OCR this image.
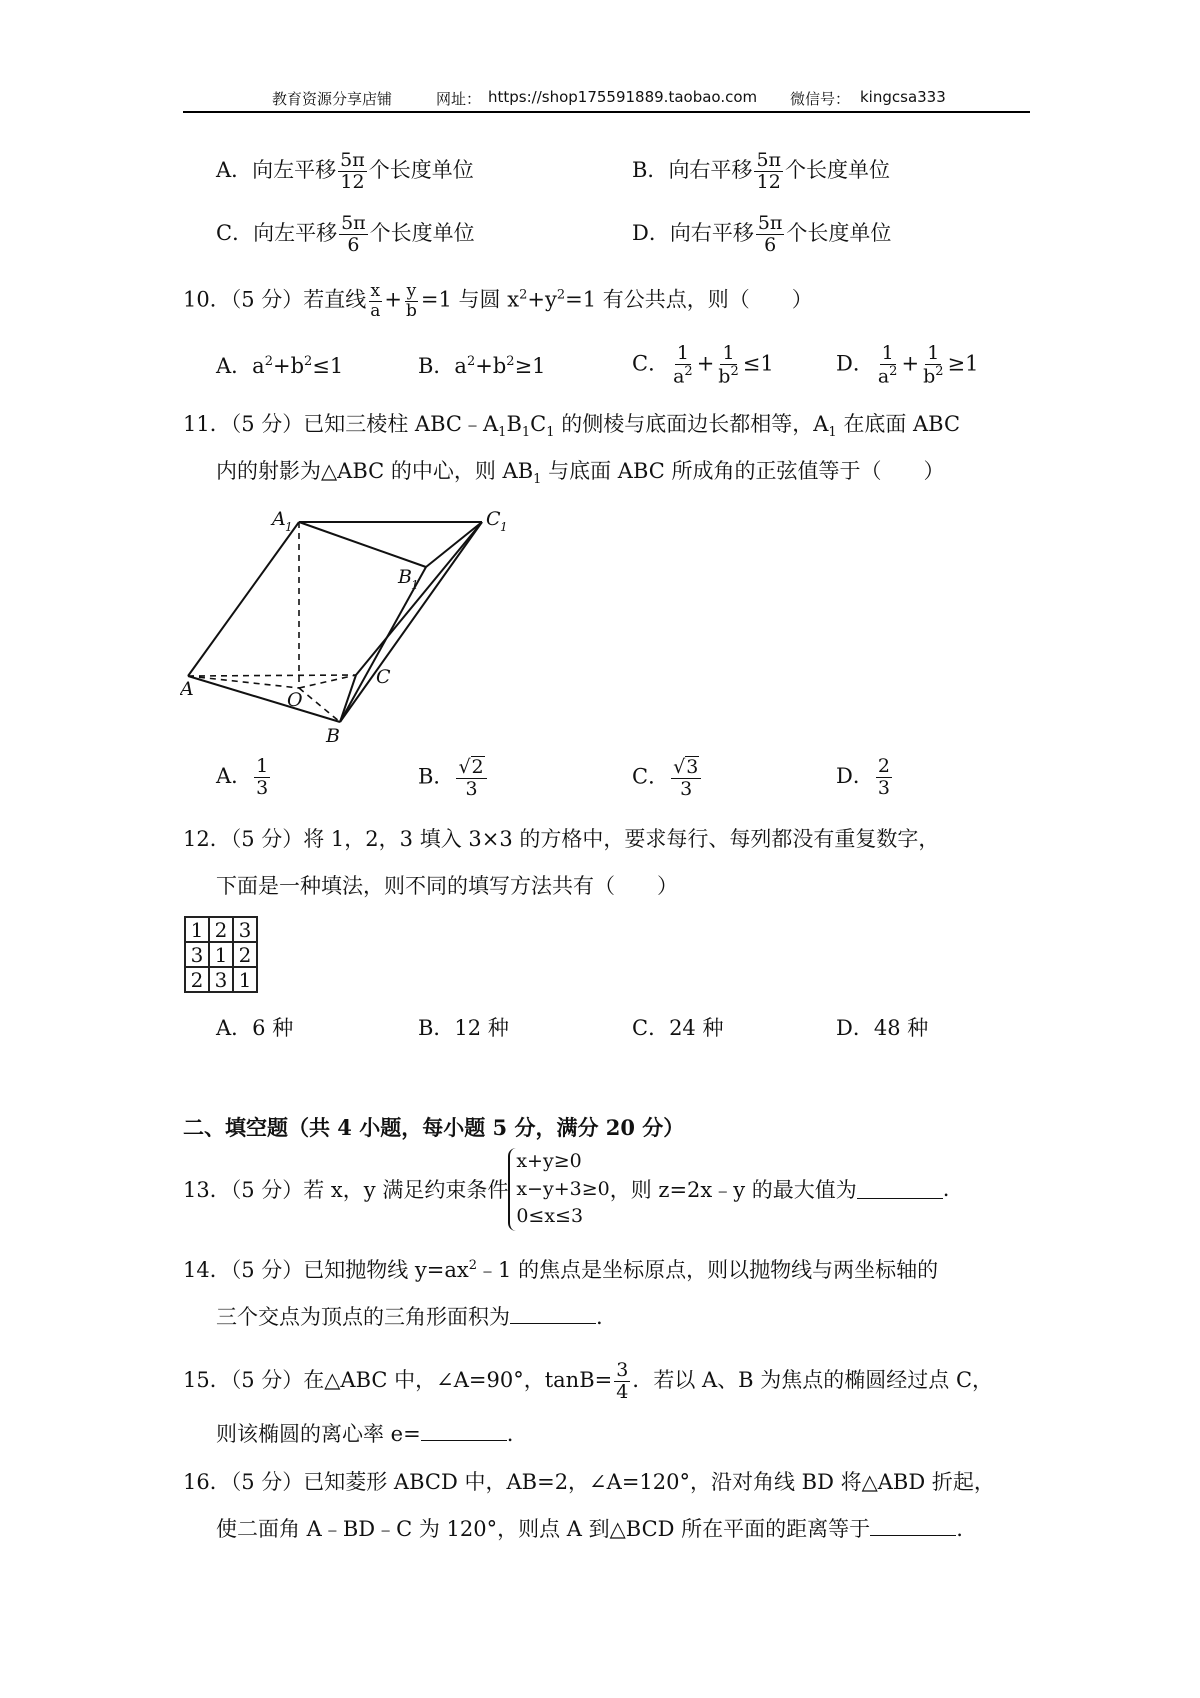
教育资源分享店铺	网址： https://shop175591889.taobao.com 微信号： kingcsa333
A．向左平移 $\frac{5\pi}{12}$ 个长度单位	B．向右平移 $\frac{5\pi}{12}$ 个长度单位
C．向左平移 $\frac{5\pi}{6}$ 个长度单位	D．向右平移 $\frac{5\pi}{6}$ 个长度单位
10．（5 分）若直线 $\frac{x}{a} + \frac{y}{b} =1$ 与圆 $x^2+y^2=1$ 有公共点，则（　　）
A．$a^2+b^2\le 1$	B．$a^2+b^2\ge 1$	C． $\frac{1}{a^2} + \frac{1}{b^2} \le 1$	D． $\frac{1}{a^2} + \frac{1}{b^2} \ge 1$
11．（5 分）已知三棱柱 $ABC﹣A_1B_1C_1$ 的侧棱与底面边长都相等，$A_1$ 在底面 ABC
内的射影为△ABC 的中心，则 $AB_1$ 与底面 ABC 所成角的正弦值等于（　　）
A 1	C 1
B 1
A	O
C
B
A． $\frac{1}{3}$	B． $\frac{√2}{3}$	C． $\frac{√3}{3}$	D． $\frac{2}{3}$
12．（5 分）将 1，2，3 填入 3×3 的方格中，要求每行、每列都没有重复数字，
下面是一种填法，则不同的填写方法共有（　　）
1	2	3
3	1	2
2	3	1
A．6 种	B．12 种	C．24 种	D．48 种
二、填空题（共 4 小题，每小题 5 分，满分 20 分）
13．（5 分）若 x，y 满足约束条件
x+y≥0
x−y+3≥0
0≤x≤3
，则 z=2x﹣y 的最大值为	.
14．（5 分）已知抛物线 $y=ax^2﹣1$ 的焦点是坐标原点，则以抛物线与两坐标轴的
三个交点为顶点的三角形面积为	.
15．（5 分）在△ABC 中，∠A=90°，$\tan B= \frac{3}{4}$ ．若以 A、B 为焦点的椭圆经过点 C，
则该椭圆的离心率 e=	.
16．（5 分）已知菱形 ABCD 中，AB=2，∠A=120°，沿对角线 BD 将△ABD 折起，
使二面角 A﹣BD﹣C 为 120°，则点 A 到△BCD 所在平面的距离等于	.
